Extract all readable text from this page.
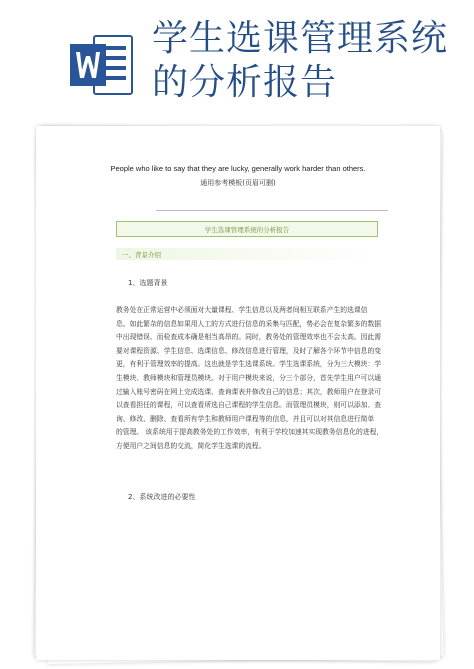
学生选课管理系统
的分析报告
People who like to say that they are lucky, generally work harder than others.
通用参考模板(页眉可删)
学生选课管理系统的分析报告
一、背景介绍
1、选题背景
教务处在正常运营中必须面对大量课程、学生信息以及两者间相互联系产生的选课信
息。如此繁杂的信息如果用人工的方式进行信息的采集与匹配，势必会在复杂繁多的数据
中出现错误、而检查成本确是相当高昂的。同时，教务处的管理效率也不会太高。因此需
要对课程资源、学生信息、选课信息、修改信息进行管理，及时了解各个环节中信息的变
更，有利于管理效率的提高。这也就是学生选课系统。学生选课系统，分为三大模块：学
生模块、教师模块和管理员模块。对于用户模块来说，分三个部分，首先学生用户可以通
过输入账号密码在网上完成选课、查询课表并修改自己的信息；其次，教师用户在登录可
以查看担任的课程，可以查看所选自己课程的学生信息。而管理员模块，则可以添加、查
询、修改、删除、查看所有学生和教师用户课程等的信息，并且可以对其信息进行简单
的管理。 该系统用于提高教务处的工作效率，有利于学校加速其实现教务信息化的进程，
方便用户之间信息的交流，简化学生选课的流程。
2、系统改进的必要性
